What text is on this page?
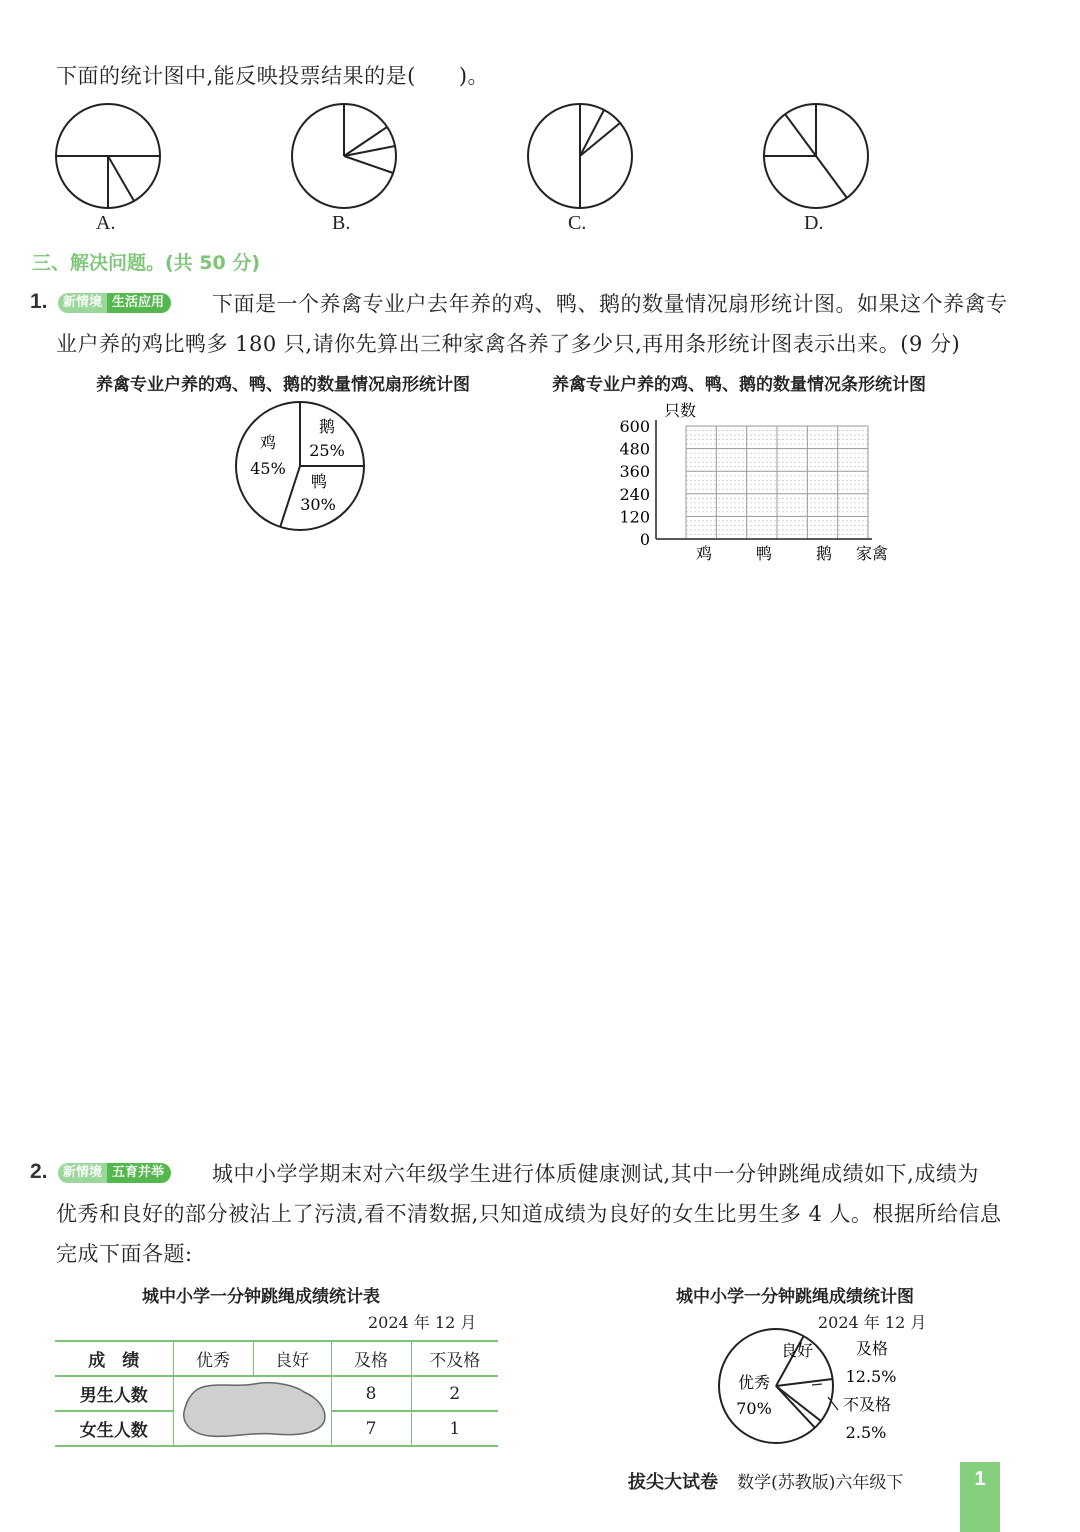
下面的统计图中,能反映投票结果的是(　　)。
A.	B.	C.	D.
三、解决问题。(共 50 分)
1.	新情境 生活应用	下面是一个养禽专业户去年养的鸡、鸭、鹅的数量情况扇形统计图。如果这个养禽专
业户养的鸡比鸭多 180 只,请你先算出三种家禽各养了多少只,再用条形统计图表示出来。(9 分)
养禽专业户养的鸡、鸭、鹅的数量情况扇形统计图	养禽专业户养的鸡、鸭、鹅的数量情况条形统计图
鸡
45%
鹅
25%
鸭
30%
只数
0
120
240
360
480
600
鸡	鸭	鹅 家禽
2.	新情境 五育并举	城中小学学期末对六年级学生进行体质健康测试,其中一分钟跳绳成绩如下,成绩为
优秀和良好的部分被沾上了污渍,看不清数据,只知道成绩为良好的女生比男生多 4 人。根据所给信息
完成下面各题:
城中小学一分钟跳绳成绩统计表
2024 年 12 月
成　绩	优秀	良好	及格	不及格
男生人数			8	2
女生人数			7	1
城中小学一分钟跳绳成绩统计图
2024 年 12 月
良好	及格
12.5%
优秀
70%	不及格
2.5%
拔尖大试卷 数学(苏教版)六年级下	1
